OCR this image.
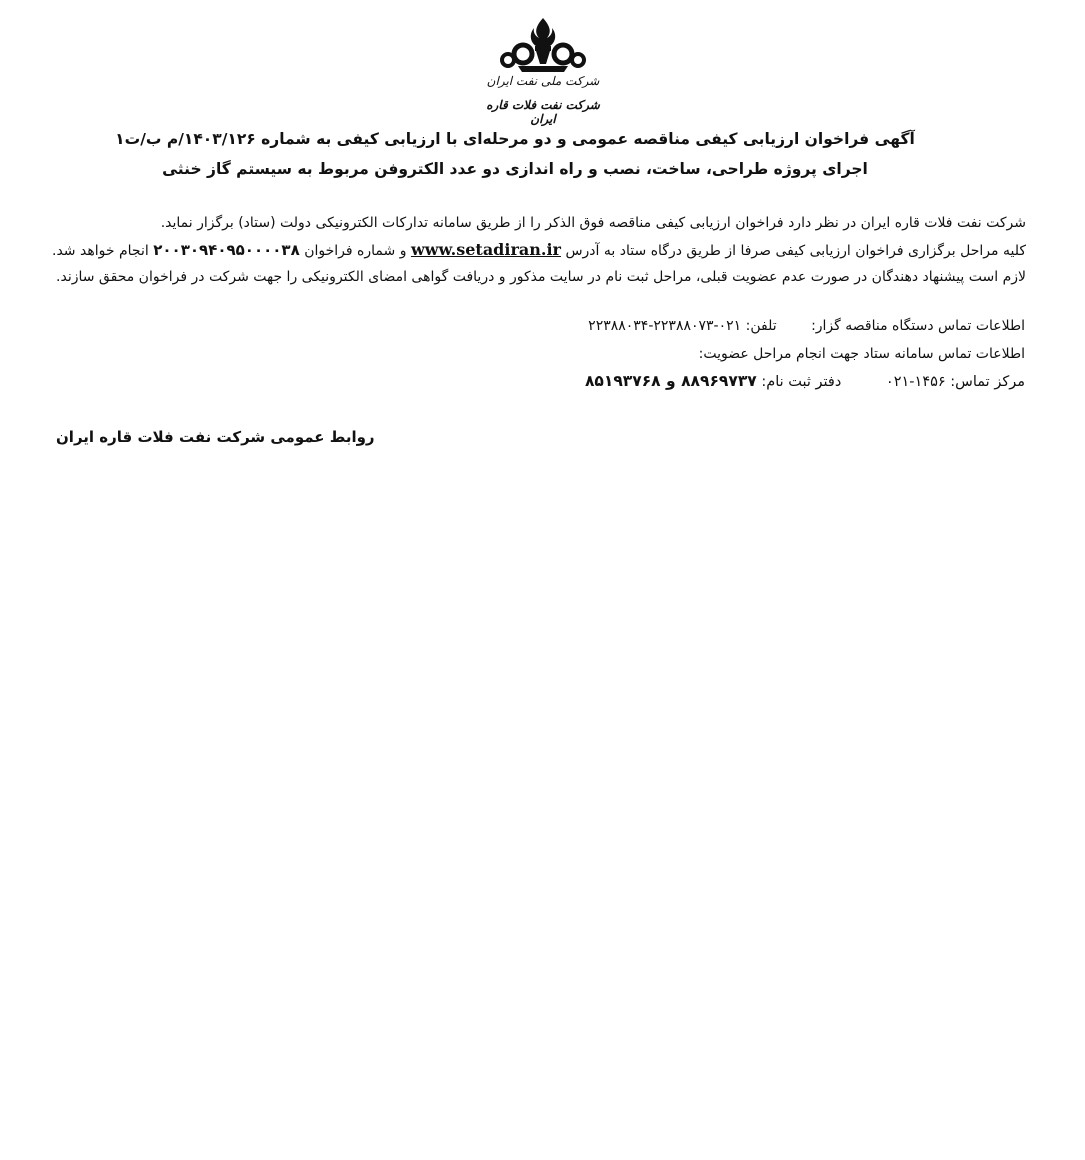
شرکت ملی نفت ایران
شرکت نفت فلات قاره ایران
آگهی فراخوان ارزیابی کیفی مناقصه عمومی و دو مرحله‌ای با ارزیابی کیفی به شماره ۱۴۰۳/۱۲۶/م ب/ت۱
اجرای پروژه طراحی، ساخت، نصب و راه اندازی دو عدد الکتروفن مربوط به سیستم گاز خنثی

شرکت نفت فلات قاره ایران در نظر دارد فراخوان ارزیابی کیفی مناقصه فوق الذکر را از طریق سامانه تدارکات الکترونیکی دولت (ستاد) برگزار نماید.

کلیه مراحل برگزاری فراخوان ارزیابی کیفی صرفا از طریق درگاه ستاد به آدرس www.setadiran.ir و شماره فراخوان ۲۰۰۳۰۹۴۰۹۵۰۰۰۰۳۸ انجام خواهد شد. لازم است پیشنهاد دهندگان در صورت عدم عضویت قبلی، مراحل ثبت نام در سایت مذکور و دریافت گواهی امضای الکترونیکی را جهت شرکت در فراخوان محقق سازند.

اطلاعات تماس دستگاه مناقصه گزار: تلفن: ۰۲۱-۲۲۳۸۸۰۷۳-۲۲۳۸۸۰۳۴
اطلاعات تماس سامانه ستاد جهت انجام مراحل عضویت:
مرکز تماس: ۱۴۵۶-۰۲۱ دفتر ثبت نام: ۸۸۹۶۹۷۳۷ و ۸۵۱۹۳۷۶۸
روابط عمومی شرکت نفت فلات قاره ایران
